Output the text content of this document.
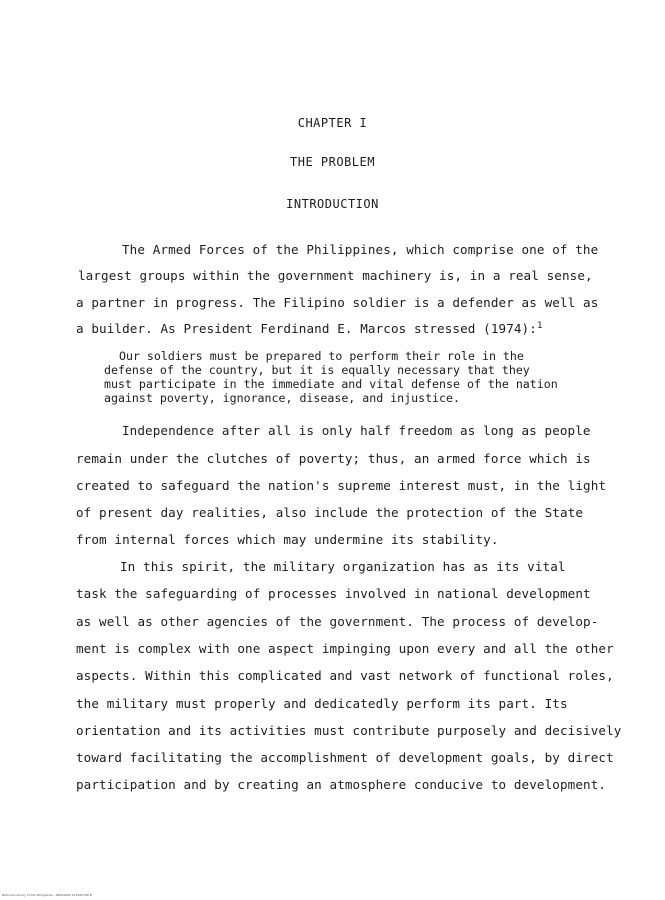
CHAPTER I
THE PROBLEM
INTRODUCTION
The Armed Forces of the Philippines, which comprise one of the
largest groups within the government machinery is, in a real sense,
a partner in progress. The Filipino soldier is a defender as well as
a builder. As President Ferdinand E. Marcos stressed (1974):$^1$
Our soldiers must be prepared to perform their role in the
defense of the country, but it is equally necessary that they
must participate in the immediate and vital defense of the nation
against poverty, ignorance, disease, and injustice.
Independence after all is only half freedom as long as people
remain under the clutches of poverty; thus, an armed force which is
created to safeguard the nation's supreme interest must, in the light
of present day realities, also include the protection of the State
from internal forces which may undermine its stability.
In this spirit, the military organization has as its vital
task the safeguarding of processes involved in national development
as well as other agencies of the government. The process of develop-
ment is complex with one aspect impinging upon every and all the other
aspects. Within this complicated and vast network of functional roles,
the military must properly and dedicatedly perform its part. Its
orientation and its activities must contribute purposely and decisively
toward facilitating the accomplishment of development goals, by direct
participation and by creating an atmosphere conducive to development.
National Library of the Philippines · ISBN/ISSN 123456789 B
